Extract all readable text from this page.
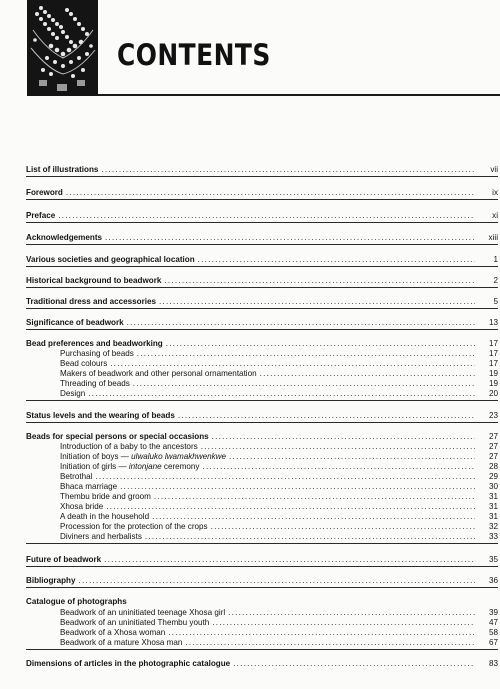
CONTENTS
List of illustrations . . .	vii
Foreword . . .	ix
Preface . . .	xi
Acknowledgements . . .	xiii
Various societies and geographical location . . .	1
Historical background to beadwork . . .	2
Traditional dress and accessories . . .	5
Significance of beadwork . . .	13
Bead preferences and beadworking . . .	17
Purchasing of beads . . .	17
Bead colours . . .	17
Makers of beadwork and other personal ornamentation . . .	19
Threading of beads . . .	19
Design . . .	20
Status levels and the wearing of beads . . .	23
Beads for special persons or special occasions . . .	27
Introduction of a baby to the ancestors . . .	27
Initiation of boys — ulwaluko lwamakhwenkwe . . .	27
Initiation of girls — intonjane ceremony . . .	28
Betrothal . . .	29
Bhaca marriage . . .	30
Thembu bride and groom . . .	31
Xhosa bride . . .	31
A death in the household . . .	31
Procession for the protection of the crops . . .	32
Diviners and herbalists . . .	33
Future of beadwork . . .	35
Bibliography . . .	36
Catalogue of photographs
Beadwork of an uninitiated teenage Xhosa girl . . .	39
Beadwork of an uninitiated Thembu youth . . .	47
Beadwork of a Xhosa woman . . .	58
Beadwork of a mature Xhosa man . . .	67
Dimensions of articles in the photographic catalogue . . .	83
